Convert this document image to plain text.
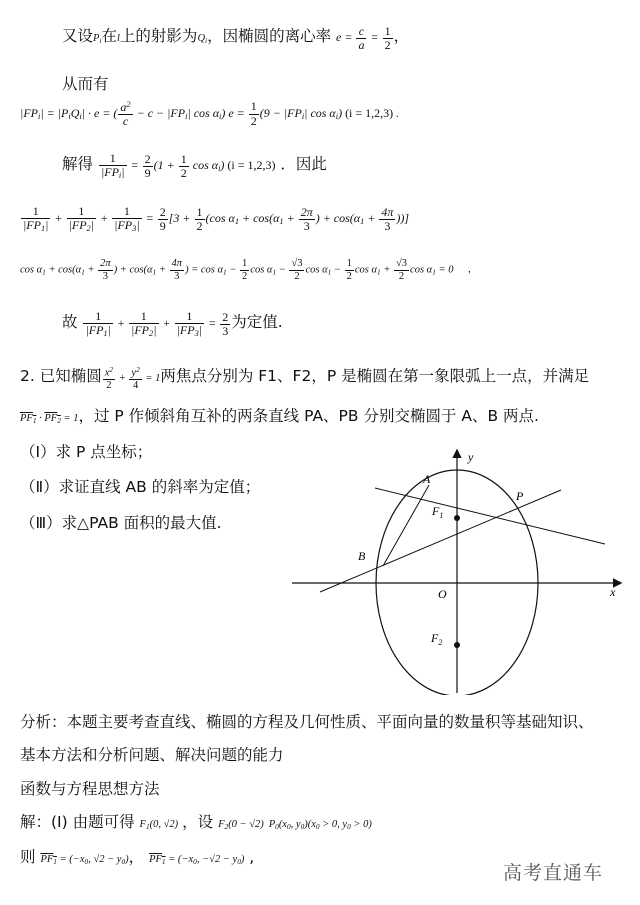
又设$P_i$在l上的射影为$Q_i$，因椭圆的离心率 $e = \frac{c}{a} = \frac{1}{2}$ ，
从而有
$|FP_i| = |P_iQ_i| \cdot e$ = ( $\frac{a^2}{c} - c - |FP_i|$ $\cos \alpha_i$) $e = \frac{1}{2} (9 - |FP_i|$ $\cos \alpha_i$) (i = 1,2,3) .
解得 $\frac{1}{|FP_i|} = \frac{2}{9} (1 + \frac{1}{2}$ $\cos \alpha_i$) (i = 1,2,3) ．因此
$\frac{1}{|FP_1|} + \frac{1}{|FP_2|} + \frac{1}{|FP_3|} = \frac{2}{9} [3 + \frac{1}{2} (\cos$ $\alpha_1 + \cos(\alpha_1 + \frac{2\pi}{3}$ ) + $\cos(\alpha_1 + \frac{4\pi}{3}$ ))]
$\cos \alpha_1 + \cos(\alpha_1 + \frac{2\pi}{3}$ ) + $\cos(\alpha_1 + \frac{4\pi}{3}$ ) = $\cos \alpha_1 - \frac{1}{2}$ $\cos \alpha_1 - \frac{√3}{2}$ $\cos \alpha_1 - \frac{1}{2}$ $\cos \alpha_1 + \frac{√3}{2}$ $\cos \alpha_1 = 0$ ,
故 $\frac{1}{|FP_1|} + \frac{1}{|FP_2|} + \frac{1}{|FP_3|} = \frac{2}{3}$ 为定值.
2. 已知椭圆 $\frac{x^2}{2} + \frac{y^2}{4} = 1$两焦点分别为 F1、F2，P 是椭圆在第一象限弧上一点，并满足
$PF_1 \cdot PF_2 = 1$，过 P 作倾斜角互补的两条直线 PA、PB 分别交椭圆于 A、B 两点.
（Ⅰ）求 P 点坐标；
（Ⅱ）求证直线 AB 的斜率为定值；
（Ⅲ）求△PAB 面积的最大值.
y
x
O
A
B
P
$F_1$
$F_2$
分析：本题主要考查直线、椭圆的方程及几何性质、平面向量的数量积等基础知识、
基本方法和分析问题、解决问题的能力
函数与方程思想方法
解：(Ⅰ) 由题可得 $F_1(0$, √2) ，设 $F_2(0 - √2)$ $P_0(x_0$, $y_0)(x_0 > 0$, $y_0 > 0$)
则 $PF_1 = (-x_0$, $√2 - y_0$)， $PF_1 = (-x_0$, $-√2 - y_0$) ,
高考直通车
